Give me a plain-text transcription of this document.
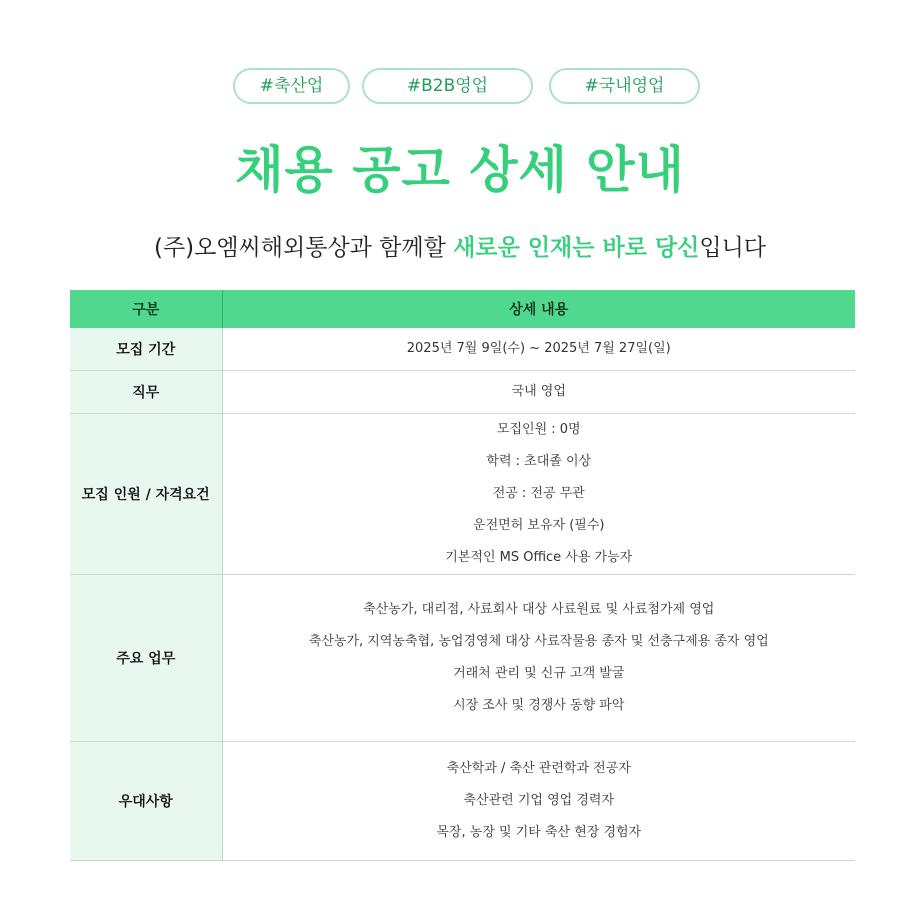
#축산업	#B2B영업	#국내영업
채용 공고 상세 안내
(주)오엠씨해외통상과 함께할 새로운 인재는 바로 당신입니다
구분	상세 내용
모집 기간	2025년 7월 9일(수) ~ 2025년 7월 27일(일)

직무	국내 영업

모집 인원 / 자격요건	모집인원 : 0명
학력 : 초대졸 이상
전공 : 전공 무관
운전면허 보유자 (필수)
기본적인 MS Office 사용 가능자

주요 업무	축산농가, 대리점, 사료회사 대상 사료원료 및 사료첨가제 영업
축산농가, 지역농축협, 농업경영체 대상 사료작물용 종자 및 선충구제용 종자 영업
거래처 관리 및 신규 고객 발굴
시장 조사 및 경쟁사 동향 파악

우대사항	축산학과 / 축산 관련학과 전공자
축산관련 기업 영업 경력자
목장, 농장 및 기타 축산 현장 경험자
